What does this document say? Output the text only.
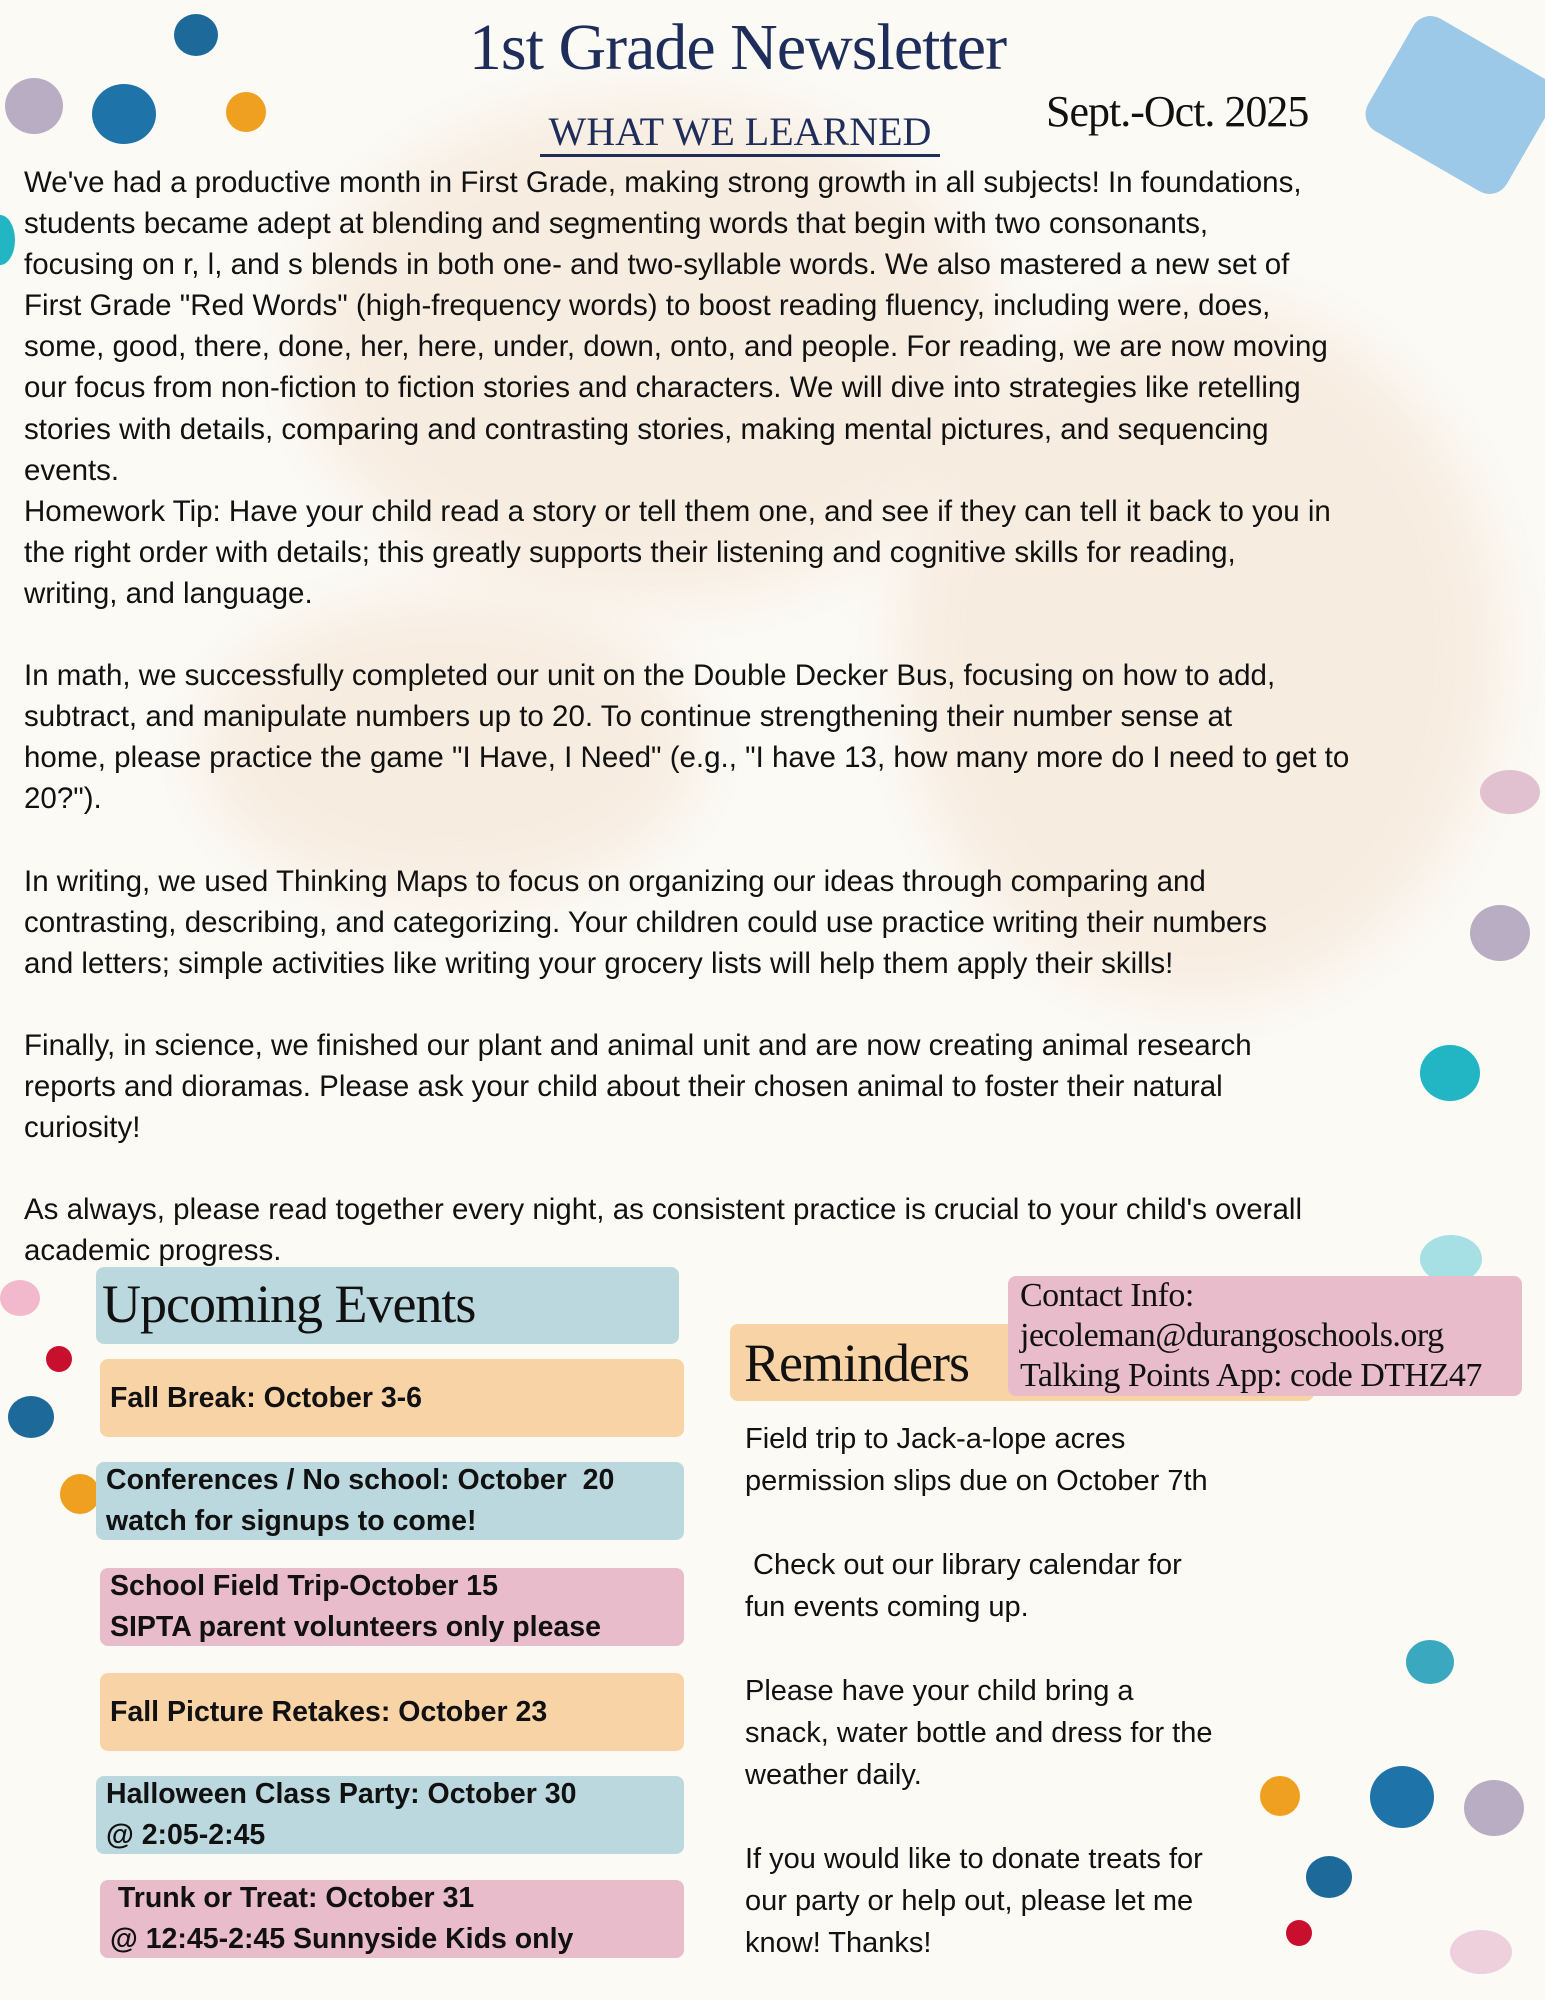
1st Grade Newsletter
Sept.-Oct. 2025
WHAT WE LEARNED
We've had a productive month in First Grade, making strong growth in all subjects! In foundations,
students became adept at blending and segmenting words that begin with two consonants,
focusing on r, l, and s blends in both one- and two-syllable words. We also mastered a new set of
First Grade "Red Words" (high-frequency words) to boost reading fluency, including were, does,
some, good, there, done, her, here, under, down, onto, and people. For reading, we are now moving
our focus from non-fiction to fiction stories and characters. We will dive into strategies like retelling
stories with details, comparing and contrasting stories, making mental pictures, and sequencing
events.
Homework Tip: Have your child read a story or tell them one, and see if they can tell it back to you in
the right order with details; this greatly supports their listening and cognitive skills for reading,
writing, and language.
In math, we successfully completed our unit on the Double Decker Bus, focusing on how to add,
subtract, and manipulate numbers up to 20. To continue strengthening their number sense at
home, please practice the game "I Have, I Need" (e.g., "I have 13, how many more do I need to get to
20?").
In writing, we used Thinking Maps to focus on organizing our ideas through comparing and
contrasting, describing, and categorizing. Your children could use practice writing their numbers
and letters; simple activities like writing your grocery lists will help them apply their skills!
Finally, in science, we finished our plant and animal unit and are now creating animal research
reports and dioramas. Please ask your child about their chosen animal to foster their natural
curiosity!
As always, please read together every night, as consistent practice is crucial to your child's overall
academic progress.
Upcoming Events
Fall Break: October 3-6
Conferences / No school: October  20
watch for signups to come!
School Field Trip-October 15
SIPTA parent volunteers only please
Fall Picture Retakes: October 23
Halloween Class Party: October 30
@ 2:05-2:45
Trunk or Treat: October 31
@ 12:45-2:45 Sunnyside Kids only
Reminders
Contact Info:
jecoleman@durangoschools.org
Talking Points App: code DTHZ47
Field trip to Jack-a-lope acres
permission slips due on October 7th
Check out our library calendar for
fun events coming up.
Please have your child bring a
snack, water bottle and dress for the
weather daily.
If you would like to donate treats for
our party or help out, please let me
know! Thanks!
